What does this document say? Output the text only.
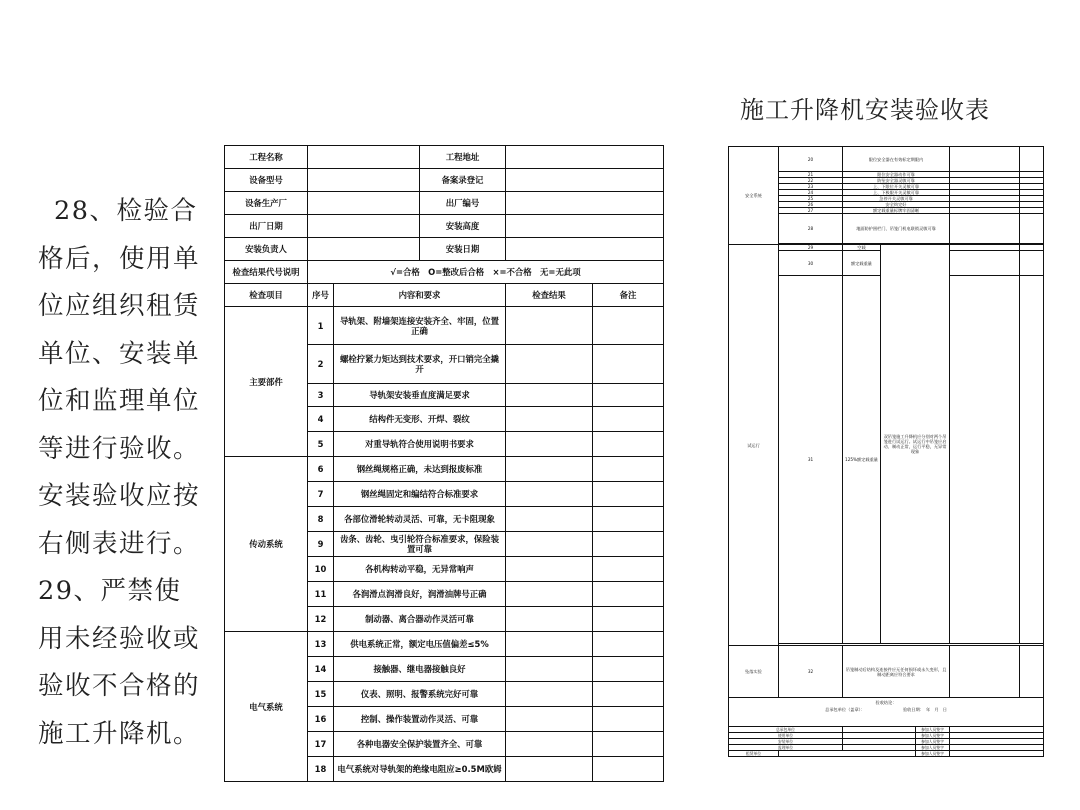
28、检验合格后，使用单位应组织租赁单位、安装单位和监理单位等进行验收。安装验收应按右侧表进行。

29、严禁使用未经验收或验收不合格的施工升降机。

施工升降机安装验收表
工程名称			工程地址		
设备型号			备案录登记		
设备生产厂			出厂编号		
出厂日期			安装高度		
安装负责人			安装日期		
检查结果代号说明	√=合格　O=整改后合格　×=不合格　无=无此项				
检查项目	序号	内容和要求		检查结果	备注
主要部件	1	导轨架、附墙架连接安装齐全、牢固，位置正确			
	2	螺栓拧紧力矩达到技术要求，开口销完全撬开			
	3	导轨架安装垂直度满足要求			
	4	结构件无变形、开焊、裂纹			
	5	对重导轨符合使用说明书要求			
传动系统	6	钢丝绳规格正确，未达到报废标准			
	7	钢丝绳固定和编结符合标准要求			
	8	各部位滑轮转动灵活、可靠，无卡阻现象			
	9	齿条、齿轮、曳引轮符合标准要求，保险装置可靠			
	10	各机构转动平稳，无异常响声			
	11	各润滑点润滑良好，润滑油牌号正确			
	12	制动器、离合器动作灵活可靠			
电气系统	13	供电系统正常，额定电压值偏差≤5%			
	14	接触器、继电器接触良好			
	15	仪表、照明、报警系统完好可靠			
	16	控制、操作装置动作灵活、可靠			
	17	各种电器安全保护装置齐全、可靠			
	18	电气系统对导轨架的绝缘电阻应≥0.5M欧姆			
安全系统	20	限位安全器在有效标定期限内				
	21	限位安全器动作可靠				
	22	防坠安全器灵敏可靠				
	23	上、下限位开关灵敏可靠				
	24	上、下极限开关灵敏可靠				
	25	急停开关灵敏可靠				
	26	安全钩完好				
	27	额定载重量标牌牢固清晰				
	28	地面防护围栏门、吊笼门机电联锁灵敏可靠				

试运行	29	空载	双吊笼施工升降机应分别对两个吊笼进行试运行。试运行中吊笼应启动、制动正常，运行平稳，无异常现象			
	30	额定载重量				
	31	125%额定载重量				

坠落实验	32	吊笼制动后结构及连接件应无任何损坏或永久变形，且制动距离应符合要求				

验收结论：
总承包单位（盖章）： 验收日期：　年　月　日						

总承包单位				参加人员签字		
使用单位				参加人员签字		
安装单位				参加人员签字		
监理单位				参加人员签字		
租赁单位				参加人员签字		
